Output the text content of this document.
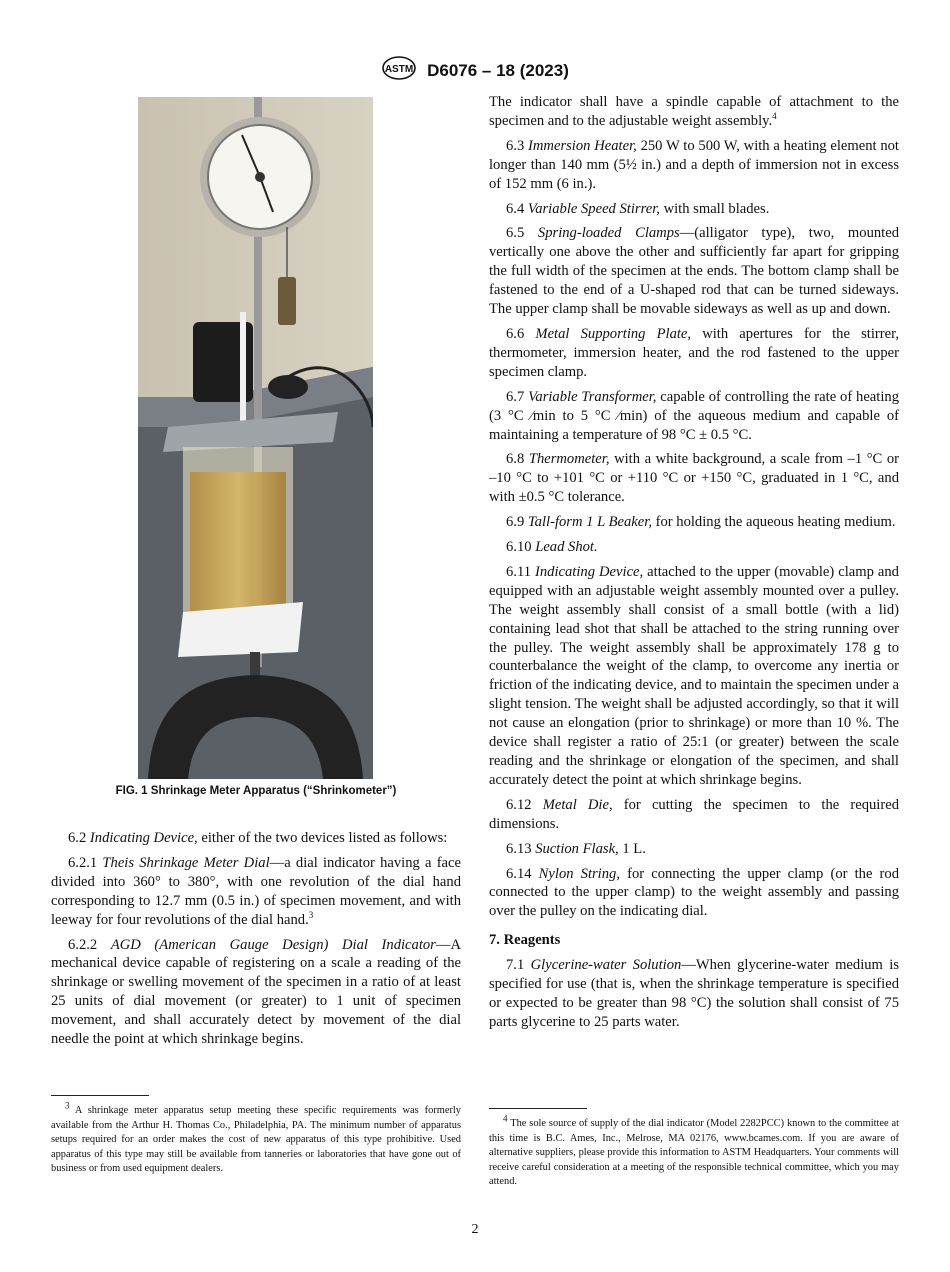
ASTM D6076 – 18 (2023)
FIG. 1 Shrinkage Meter Apparatus (“Shrinkometer”)

6.2 Indicating Device, either of the two devices listed as follows:

6.2.1 Theis Shrinkage Meter Dial—a dial indicator having a face divided into 360° to 380°, with one revolution of the dial hand corresponding to 12.7 mm (0.5 in.) of specimen movement, and with leeway for four revolutions of the dial hand.$^3$

6.2.2 AGD (American Gauge Design) Dial Indicator—A mechanical device capable of registering on a scale a reading of the shrinkage or swelling movement of the specimen in a ratio of at least 25 units of dial movement (or greater) to 1 unit of specimen movement, and shall accurately detect by movement of the dial needle the point at which shrinkage begins.

$^3$ A shrinkage meter apparatus setup meeting these specific requirements was formerly available from the Arthur H. Thomas Co., Philadelphia, PA. The minimum number of apparatus setups required for an order makes the cost of new apparatus of this type prohibitive. Used apparatus of this type may still be available from tanneries or laboratories that have gone out of business or from used equipment dealers.

The indicator shall have a spindle capable of attachment to the specimen and to the adjustable weight assembly.$^4$

6.3 Immersion Heater, 250 W to 500 W, with a heating element not longer than 140 mm (5½ in.) and a depth of immersion not in excess of 152 mm (6 in.).

6.4 Variable Speed Stirrer, with small blades.

6.5 Spring-loaded Clamps—(alligator type), two, mounted vertically one above the other and sufficiently far apart for gripping the full width of the specimen at the ends. The bottom clamp shall be fastened to the end of a U-shaped rod that can be turned sideways. The upper clamp shall be movable sideways as well as up and down.

6.6 Metal Supporting Plate, with apertures for the stirrer, thermometer, immersion heater, and the rod fastened to the upper specimen clamp.

6.7 Variable Transformer, capable of controlling the rate of heating (3 °C ⁄min to 5 °C ⁄min) of the aqueous medium and capable of maintaining a temperature of 98 °C ± 0.5 °C.

6.8 Thermometer, with a white background, a scale from –1 °C or –10 °C to +101 °C or +110 °C or +150 °C, graduated in 1 °C, and with ±0.5 °C tolerance.

6.9 Tall-form 1 L Beaker, for holding the aqueous heating medium.

6.10 Lead Shot.

6.11 Indicating Device, attached to the upper (movable) clamp and equipped with an adjustable weight assembly mounted over a pulley. The weight assembly shall consist of a small bottle (with a lid) containing lead shot that shall be attached to the string running over the pulley. The weight assembly shall be approximately 178 g to counterbalance the weight of the clamp, to overcome any inertia or friction of the indicating device, and to maintain the specimen under a slight tension. The weight shall be adjusted accordingly, so that it will not cause an elongation (prior to shrinkage) or more than 10 %. The device shall register a ratio of 25:1 (or greater) between the scale reading and the shrinkage or elongation of the specimen, and shall accurately detect the point at which shrinkage begins.

6.12 Metal Die, for cutting the specimen to the required dimensions.

6.13 Suction Flask, 1 L.

6.14 Nylon String, for connecting the upper clamp (or the rod connected to the upper clamp) to the weight assembly and passing over the pulley on the indicating dial.

7. Reagents

7.1 Glycerine-water Solution—When glycerine-water medium is specified for use (that is, when the shrinkage temperature is specified or expected to be greater than 98 °C) the solution shall consist of 75 parts glycerine to 25 parts water.

$^4$ The sole source of supply of the dial indicator (Model 2282PCC) known to the committee at this time is B.C. Ames, Inc., Melrose, MA 02176, www.bcames.com. If you are aware of alternative suppliers, please provide this information to ASTM Headquarters. Your comments will receive careful consideration at a meeting of the responsible technical committee, which you may attend.

2
